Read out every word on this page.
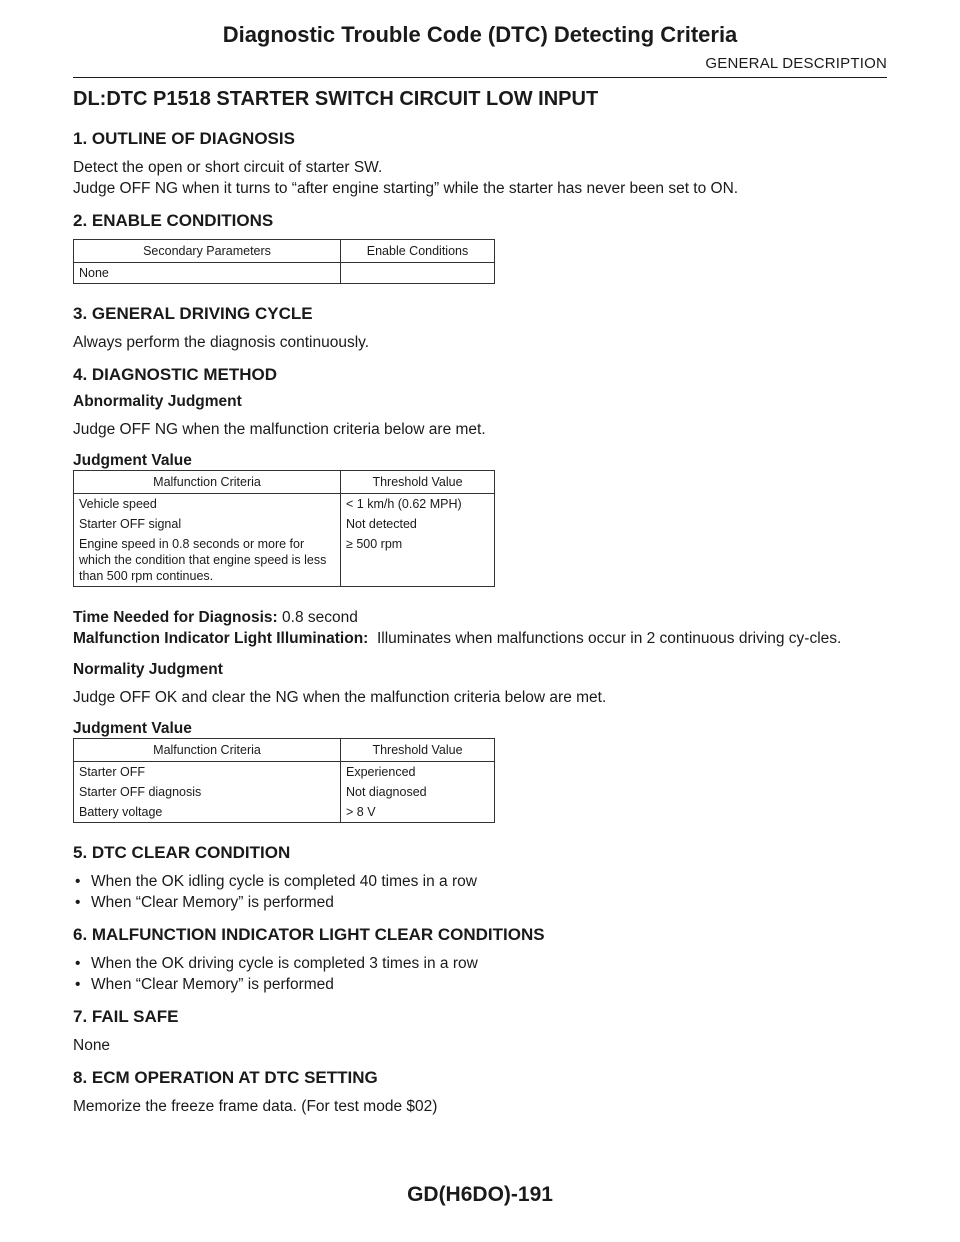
Diagnostic Trouble Code (DTC) Detecting Criteria
GENERAL DESCRIPTION
DL:DTC P1518 STARTER SWITCH CIRCUIT LOW INPUT
1. OUTLINE OF DIAGNOSIS

Detect the open or short circuit of starter SW.

Judge OFF NG when it turns to “after engine starting” while the starter has never been set to ON.

2. ENABLE CONDITIONS
Secondary Parameters	Enable Conditions
None	
3. GENERAL DRIVING CYCLE

Always perform the diagnosis continuously.

4. DIAGNOSTIC METHOD
Abnormality Judgment

Judge OFF NG when the malfunction criteria below are met.

Judgment Value
Malfunction Criteria	Threshold Value
Vehicle speed	< 1 km/h (0.62 MPH)
Starter OFF signal	Not detected
Engine speed in 0.8 seconds or more for which the condition that engine speed is less than 500 rpm continues.	≥ 500 rpm

Time Needed for Diagnosis: 0.8 second

Malfunction Indicator Light Illumination: Illuminates when malfunctions occur in 2 continuous driving cy-cles.

Normality Judgment

Judge OFF OK and clear the NG when the malfunction criteria below are met.

Judgment Value
Malfunction Criteria	Threshold Value
Starter OFF	Experienced
Starter OFF diagnosis	Not diagnosed
Battery voltage	> 8 V
5. DTC CLEAR CONDITION
• When the OK idling cycle is completed 40 times in a row
• When “Clear Memory” is performed
6. MALFUNCTION INDICATOR LIGHT CLEAR CONDITIONS
• When the OK driving cycle is completed 3 times in a row
• When “Clear Memory” is performed
7. FAIL SAFE

None

8. ECM OPERATION AT DTC SETTING

Memorize the freeze frame data. (For test mode $02)

GD(H6DO)-191
